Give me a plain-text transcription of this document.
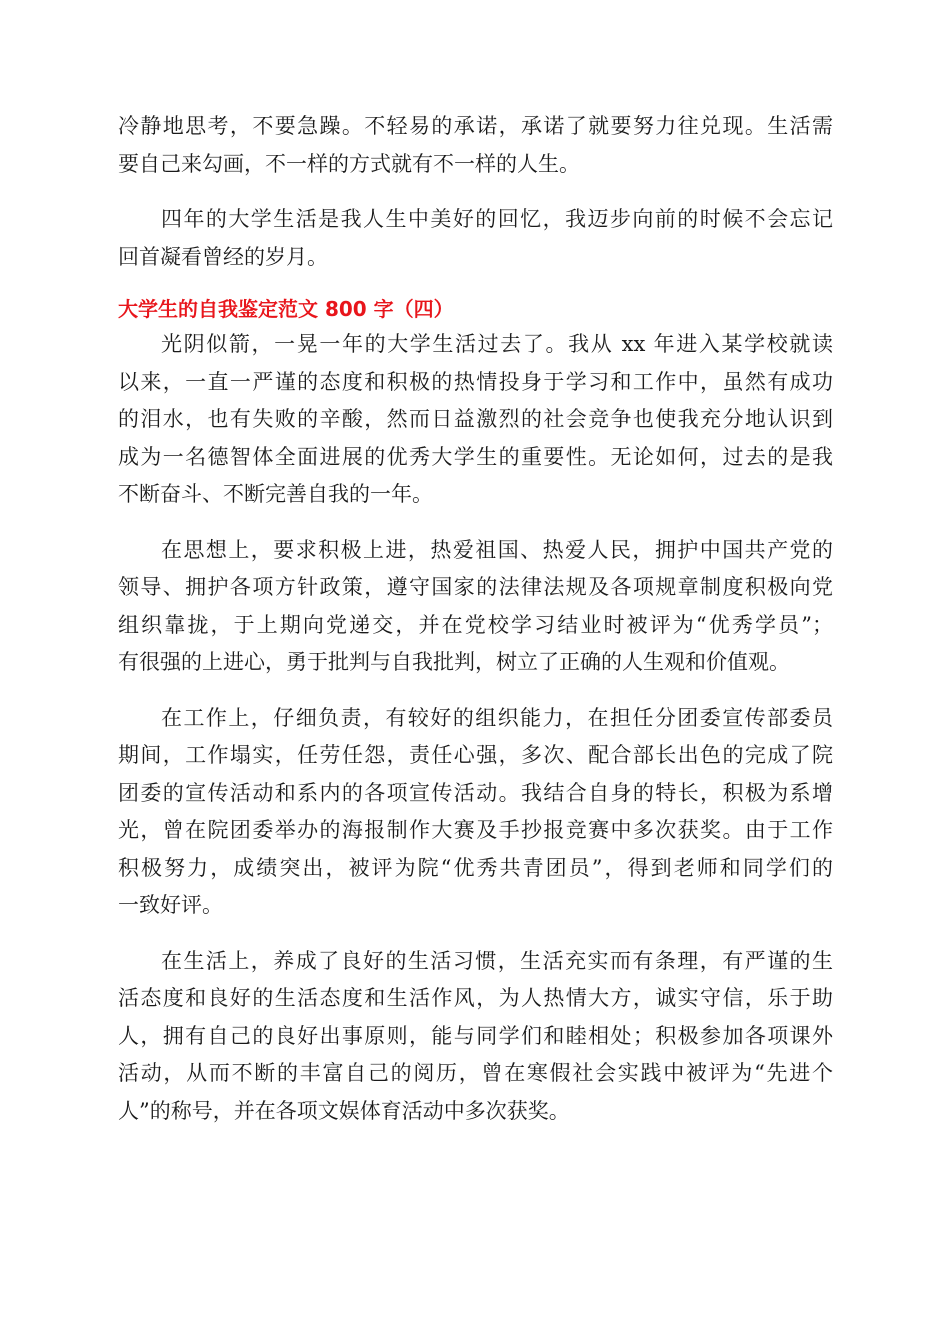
冷静地思考，不要急躁。不轻易的承诺，承诺了就要努力往兑现。生活需
要自己来勾画，不一样的方式就有不一样的人生。
四年的大学生活是我人生中美好的回忆，我迈步向前的时候不会忘记
回首凝看曾经的岁月。
大学生的自我鉴定范文 800 字（四）
光阴似箭，一晃一年的大学生活过去了。我从 xx 年进入某学校就读
以来，一直一严谨的态度和积极的热情投身于学习和工作中，虽然有成功
的泪水，也有失败的辛酸，然而日益激烈的社会竞争也使我充分地认识到
成为一名德智体全面进展的优秀大学生的重要性。无论如何，过去的是我
不断奋斗、不断完善自我的一年。
在思想上，要求积极上进，热爱祖国、热爱人民，拥护中国共产党的
领导、拥护各项方针政策，遵守国家的法律法规及各项规章制度积极向党
组织靠拢，于上期向党递交，并在党校学习结业时被评为“优秀学员”；
有很强的上进心，勇于批判与自我批判，树立了正确的人生观和价值观。
在工作上，仔细负责，有较好的组织能力，在担任分团委宣传部委员
期间，工作塌实，任劳任怨，责任心强，多次、配合部长出色的完成了院
团委的宣传活动和系内的各项宣传活动。我结合自身的特长，积极为系增
光，曾在院团委举办的海报制作大赛及手抄报竞赛中多次获奖。由于工作
积极努力，成绩突出，被评为院“优秀共青团员”，得到老师和同学们的
一致好评。
在生活上，养成了良好的生活习惯，生活充实而有条理，有严谨的生
活态度和良好的生活态度和生活作风，为人热情大方，诚实守信，乐于助
人，拥有自己的良好出事原则，能与同学们和睦相处；积极参加各项课外
活动，从而不断的丰富自己的阅历，曾在寒假社会实践中被评为“先进个
人”的称号，并在各项文娱体育活动中多次获奖。
